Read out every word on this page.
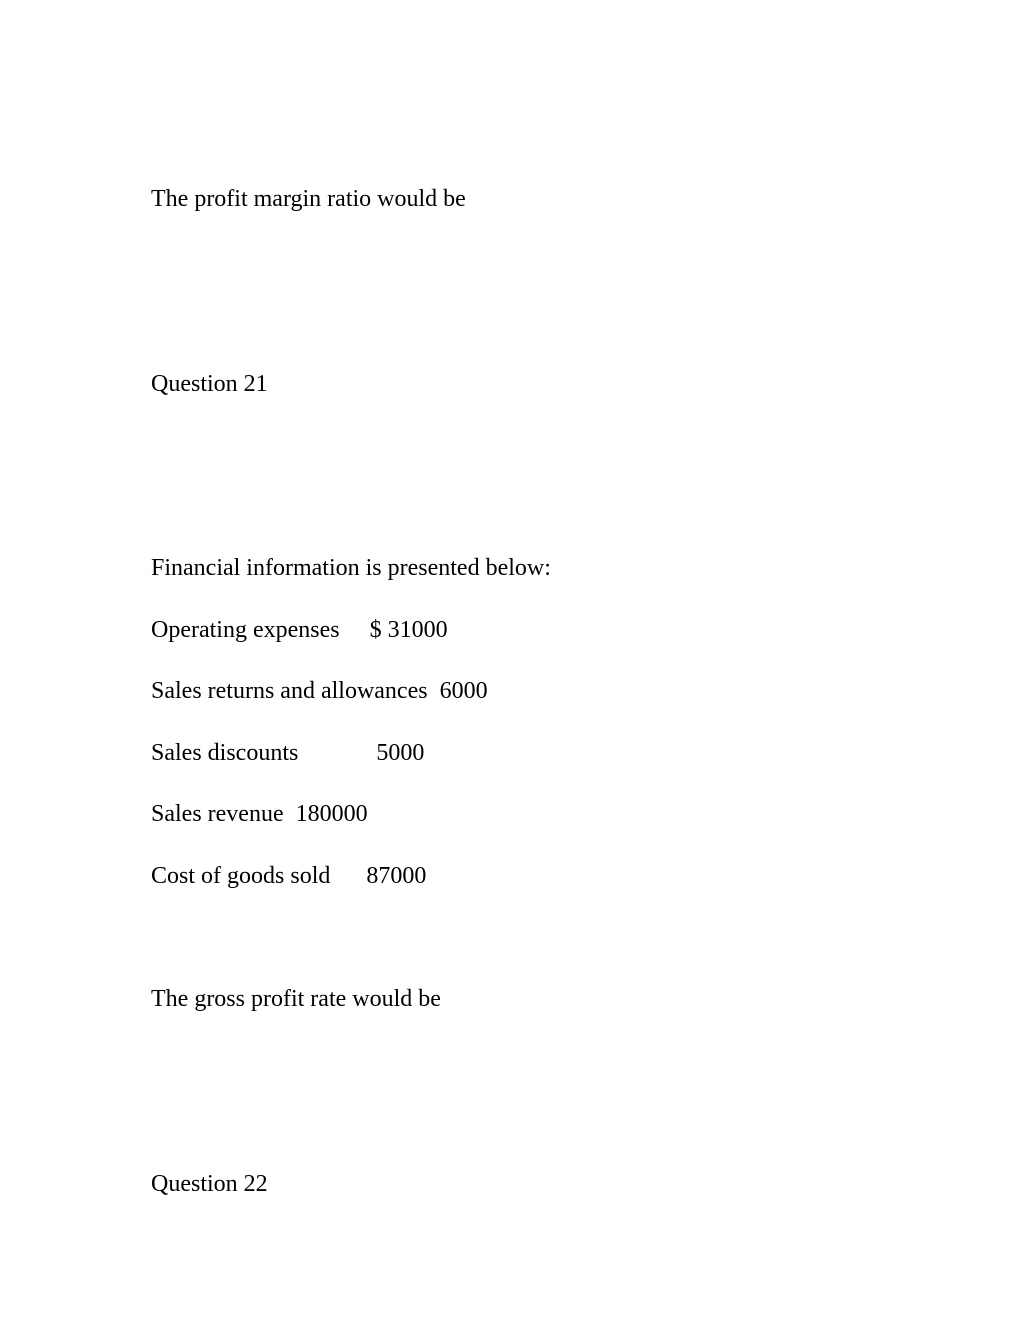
The profit margin ratio would be

Question 21

Financial information is presented below:

Operating expenses $ 31000

Sales returns and allowances 6000

Sales discounts	5000

Sales revenue 180000

Cost of goods sold 87000

The gross profit rate would be

Question 22
